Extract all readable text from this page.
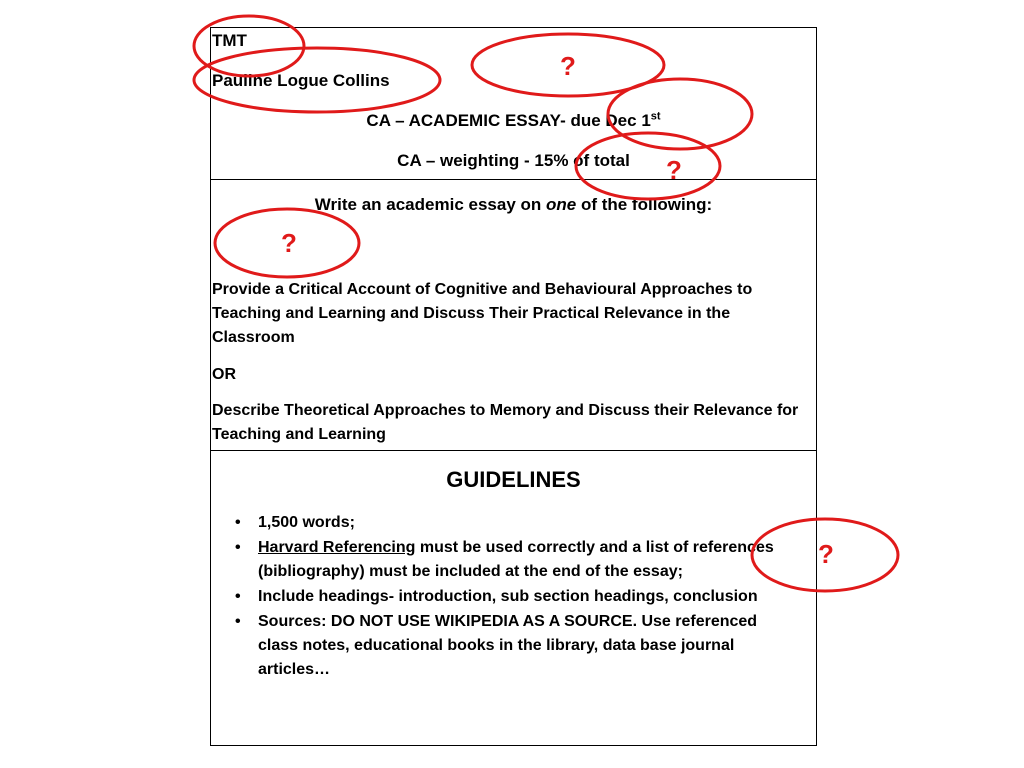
TMT
Pauline Logue Collins
CA – ACADEMIC ESSAY- due Dec 1st
CA – weighting - 15% of total
Write an academic essay on one of the following:
Provide a Critical Account of Cognitive and Behavioural Approaches to Teaching and Learning and Discuss Their Practical Relevance in the Classroom
OR
Describe Theoretical Approaches to Memory and Discuss their Relevance for Teaching and Learning
GUIDELINES
• 1,500 words;
• Harvard Referencing must be used correctly and a list of references (bibliography) must be included at the end of the essay;
• Include headings- introduction, sub section headings, conclusion
• Sources: DO NOT USE WIKIPEDIA AS A SOURCE. Use referenced class notes, educational books in the library, data base journal articles…
?
?
?
?
